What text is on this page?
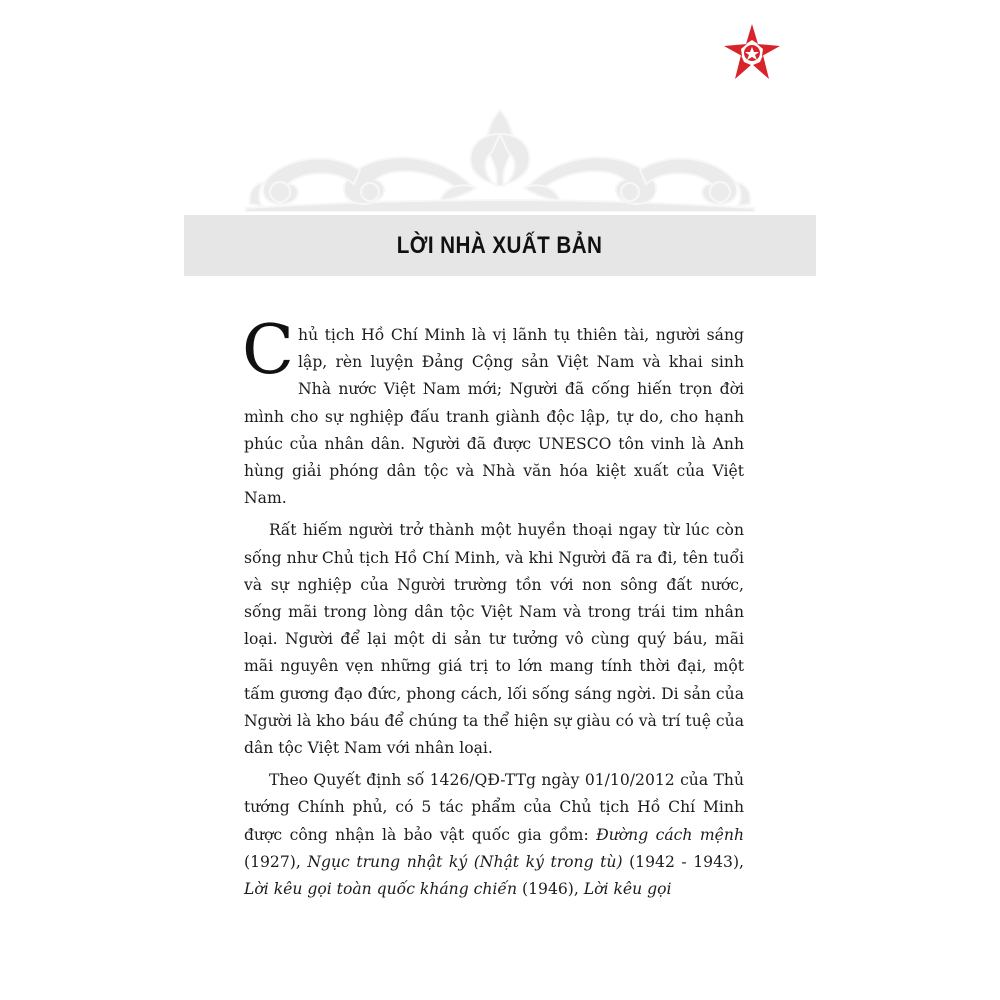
LỜI NHÀ XUẤT BẢN

Chủ tịch Hồ Chí Minh là vị lãnh tụ thiên tài, người sáng lập, rèn luyện Đảng Cộng sản Việt Nam và khai sinh Nhà nước Việt Nam mới; Người đã cống hiến trọn đời mình cho sự nghiệp đấu tranh giành độc lập, tự do, cho hạnh phúc của nhân dân. Người đã được UNESCO tôn vinh là Anh hùng giải phóng dân tộc và Nhà văn hóa kiệt xuất của Việt Nam.

Rất hiếm người trở thành một huyền thoại ngay từ lúc còn sống như Chủ tịch Hồ Chí Minh, và khi Người đã ra đi, tên tuổi và sự nghiệp của Người trường tồn với non sông đất nước, sống mãi trong lòng dân tộc Việt Nam và trong trái tim nhân loại. Người để lại một di sản tư tưởng vô cùng quý báu, mãi mãi nguyên vẹn những giá trị to lớn mang tính thời đại, một tấm gương đạo đức, phong cách, lối sống sáng ngời. Di sản của Người là kho báu để chúng ta thể hiện sự giàu có và trí tuệ của dân tộc Việt Nam với nhân loại.

Theo Quyết định số 1426/QĐ-TTg ngày 01/10/2012 của Thủ tướng Chính phủ, có 5 tác phẩm của Chủ tịch Hồ Chí Minh được công nhận là bảo vật quốc gia gồm: Đường cách mệnh (1927), Ngục trung nhật ký (Nhật ký trong tù) (1942 - 1943), Lời kêu gọi toàn quốc kháng chiến (1946), Lời kêu gọi
